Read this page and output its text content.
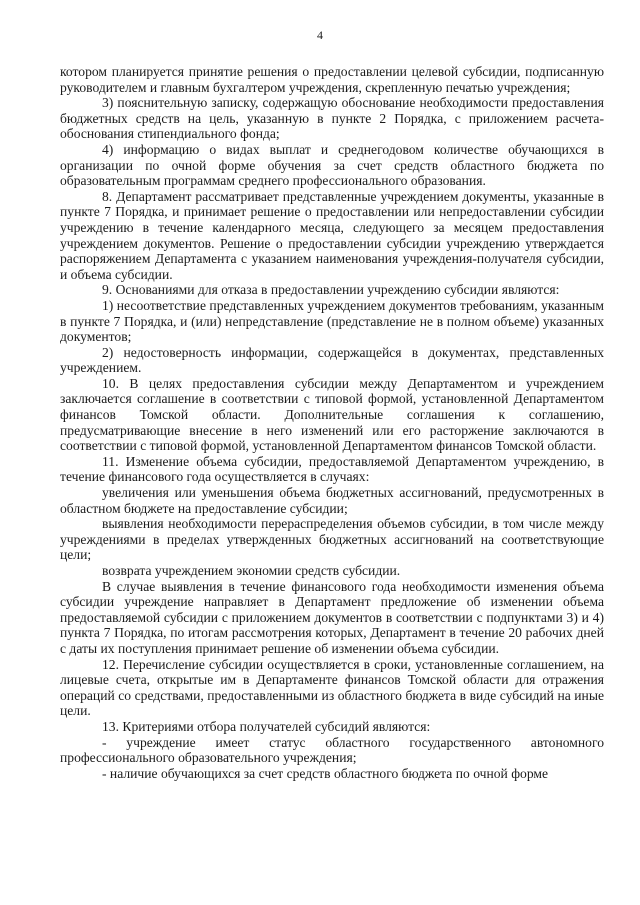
4

котором планируется принятие решения о предоставлении целевой субсидии, подписанную руководителем и главным бухгалтером учреждения, скрепленную печатью учреждения;

3) пояснительную записку, содержащую обоснование необходимости предоставления бюджетных средств на цель, указанную в пункте 2 Порядка, с приложением расчета-обоснования стипендиального фонда;

4) информацию о видах выплат и среднегодовом количестве обучающихся в организации по очной форме обучения за счет средств областного бюджета по образовательным программам среднего профессионального образования.

8. Департамент рассматривает представленные учреждением документы, указанные в пункте 7 Порядка, и принимает решение о предоставлении или непредоставлении субсидии учреждению в течение календарного месяца, следующего за месяцем предоставления учреждением документов. Решение о предоставлении субсидии учреждению утверждается распоряжением Департамента с указанием наименования учреждения-получателя субсидии, и объема субсидии.

9. Основаниями для отказа в предоставлении учреждению субсидии являются:

1) несоответствие представленных учреждением документов требованиям, указанным в пункте 7 Порядка, и (или) непредставление (представление не в полном объеме) указанных документов;

2) недостоверность информации, содержащейся в документах, представленных учреждением.

10. В целях предоставления субсидии между Департаментом и учреждением заключается соглашение в соответствии с типовой формой, установленной Департаментом финансов Томской области. Дополнительные соглашения к соглашению, предусматривающие внесение в него изменений или его расторжение заключаются в соответствии с типовой формой, установленной Департаментом финансов Томской области.

11. Изменение объема субсидии, предоставляемой Департаментом учреждению, в течение финансового года осуществляется в случаях:

увеличения или уменьшения объема бюджетных ассигнований, предусмотренных в областном бюджете на предоставление субсидии;

выявления необходимости перераспределения объемов субсидии, в том числе между учреждениями в пределах утвержденных бюджетных ассигнований на соответствующие цели;

возврата учреждением экономии средств субсидии.

В случае выявления в течение финансового года необходимости изменения объема субсидии учреждение направляет в Департамент предложение об изменении объема предоставляемой субсидии с приложением документов в соответствии с подпунктами 3) и 4) пункта 7 Порядка, по итогам рассмотрения которых, Департамент в течение 20 рабочих дней с даты их поступления принимает решение об изменении объема субсидии.

12. Перечисление субсидии осуществляется в сроки, установленные соглашением, на лицевые счета, открытые им в Департаменте финансов Томской области для отражения операций со средствами, предоставленными из областного бюджета в виде субсидий на иные цели.

13. Критериями отбора получателей субсидий являются:

- учреждение имеет статус областного государственного автономного профессионального образовательного учреждения;

- наличие обучающихся за счет средств областного бюджета по очной форме
